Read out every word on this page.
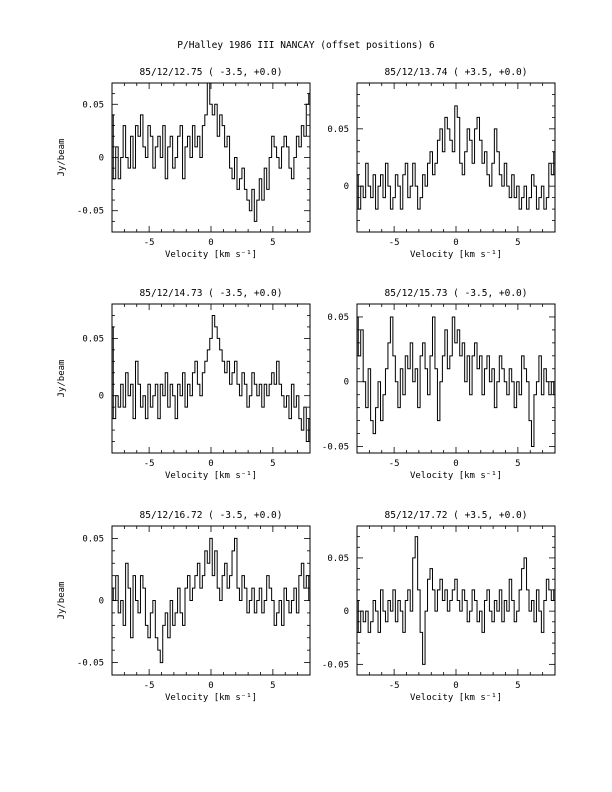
P/Halley 1986 III NANCAY (offset positions) 6
85/12/12.75 ( -3.5, +0.0)
-5	0	5
-0.05
0
0.05
Velocity [km s⁻¹]
Jy/beam
85/12/13.74 ( +3.5, +0.0)
-5	0	5
0
0.05
Velocity [km s⁻¹]
85/12/14.73 ( -3.5, +0.0)
-5	0	5
0
0.05
Velocity [km s⁻¹]
Jy/beam
85/12/15.73 ( -3.5, +0.0)
-5	0	5
-0.05
0
0.05
Velocity [km s⁻¹]
85/12/16.72 ( -3.5, +0.0)
-5	0	5
-0.05
0
0.05
Velocity [km s⁻¹]
Jy/beam
85/12/17.72 ( +3.5, +0.0)
-5	0	5
-0.05
0
0.05
Velocity [km s⁻¹]
